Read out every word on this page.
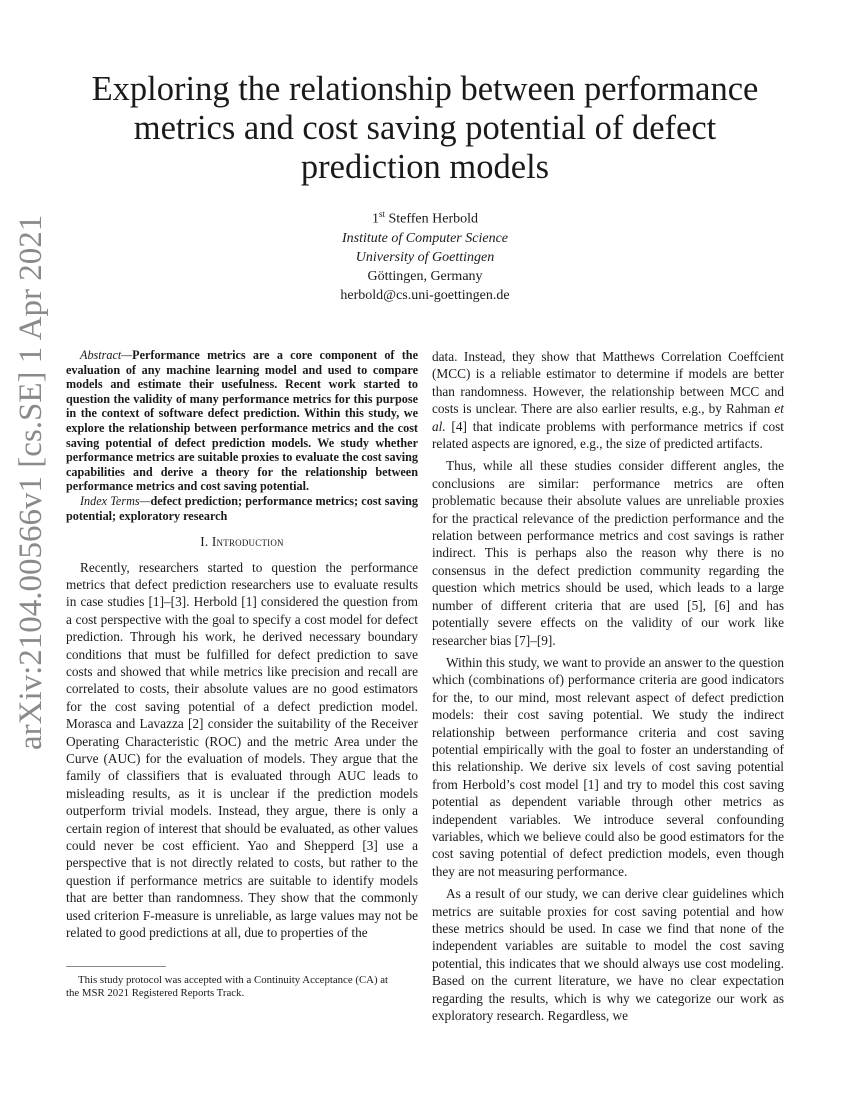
arXiv:2104.00566v1 [cs.SE] 1 Apr 2021
Exploring the relationship between performance metrics and cost saving potential of defect prediction models
1st Steffen Herbold
Institute of Computer Science
University of Goettingen
Göttingen, Germany
herbold@cs.uni-goettingen.de

Abstract—Performance metrics are a core component of the evaluation of any machine learning model and used to compare models and estimate their usefulness. Recent work started to question the validity of many performance metrics for this purpose in the context of software defect prediction. Within this study, we explore the relationship between performance metrics and the cost saving potential of defect prediction models. We study whether performance metrics are suitable proxies to evaluate the cost saving capabilities and derive a theory for the relationship between performance metrics and cost saving potential.

Index Terms—defect prediction; performance metrics; cost saving potential; exploratory research

I. Introduction

Recently, researchers started to question the performance metrics that defect prediction researchers use to evaluate results in case studies [1]–[3]. Herbold [1] considered the question from a cost perspective with the goal to specify a cost model for defect prediction. Through his work, he derived necessary boundary conditions that must be fulfilled for defect prediction to save costs and showed that while metrics like precision and recall are correlated to costs, their absolute values are no good estimators for the cost saving potential of a defect prediction model. Morasca and Lavazza [2] consider the suitability of the Receiver Operating Characteristic (ROC) and the metric Area under the Curve (AUC) for the evaluation of models. They argue that the family of classifiers that is evaluated through AUC leads to misleading results, as it is unclear if the prediction models outperform trivial models. Instead, they argue, there is only a certain region of interest that should be evaluated, as other values could never be cost efficient. Yao and Shepperd [3] use a perspective that is not directly related to costs, but rather to the question if performance metrics are suitable to identify models that are better than randomness. They show that the commonly used criterion F-measure is unreliable, as large values may not be related to good predictions at all, due to properties of the

data. Instead, they show that Matthews Correlation Coeffcient (MCC) is a reliable estimator to determine if models are better than randomness. However, the relationship between MCC and costs is unclear. There are also earlier results, e.g., by Rahman et al. [4] that indicate problems with performance metrics if cost related aspects are ignored, e.g., the size of predicted artifacts.

Thus, while all these studies consider different angles, the conclusions are similar: performance metrics are often problematic because their absolute values are unreliable proxies for the practical relevance of the prediction performance and the relation between performance metrics and cost savings is rather indirect. This is perhaps also the reason why there is no consensus in the defect prediction community regarding the question which metrics should be used, which leads to a large number of different criteria that are used [5], [6] and has potentially severe effects on the validity of our work like researcher bias [7]–[9].

Within this study, we want to provide an answer to the question which (combinations of) performance criteria are good indicators for the, to our mind, most relevant aspect of defect prediction models: their cost saving potential. We study the indirect relationship between performance criteria and cost saving potential empirically with the goal to foster an understanding of this relationship. We derive six levels of cost saving potential from Herbold’s cost model [1] and try to model this cost saving potential as dependent variable through other metrics as independent variables. We introduce several confounding variables, which we believe could also be good estimators for the cost saving potential of defect prediction models, even though they are not measuring performance.

As a result of our study, we can derive clear guidelines which metrics are suitable proxies for cost saving potential and how these metrics should be used. In case we find that none of the independent variables are suitable to model the cost saving potential, this indicates that we should always use cost modeling. Based on the current literature, we have no clear expectation regarding the results, which is why we categorize our work as exploratory research. Regardless, we

This study protocol was accepted with a Continuity Acceptance (CA) at
the MSR 2021 Registered Reports Track.
